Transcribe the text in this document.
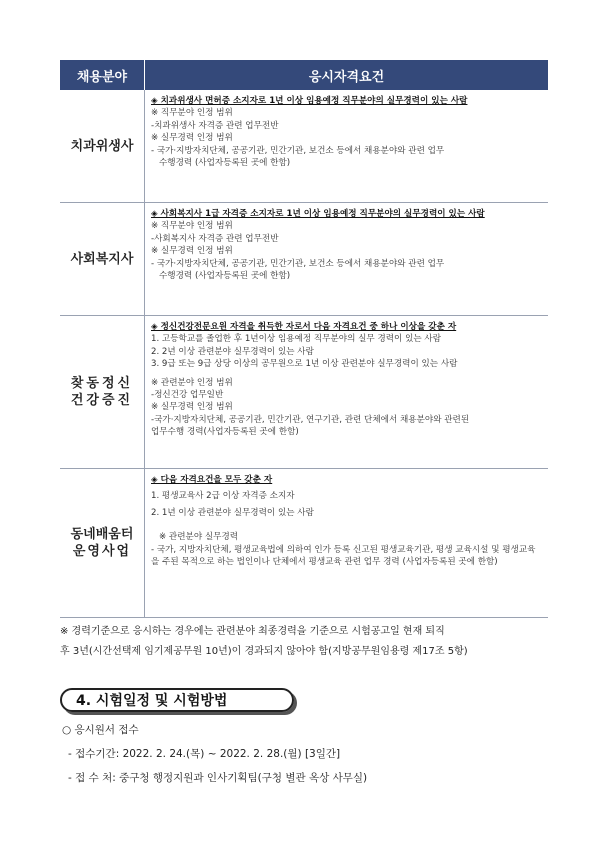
채용분야	응시자격요건
치과위생사
◈ 치과위생사 면허증 소지자로 1년 이상 임용예정 직무분야의 실무경력이 있는 사람
※ 직무분야 인정 범위
-치과위생사 자격증 관련 업무전반
※ 실무경력 인정 범위
- 국가·지방자치단체, 공공기관, 민간기관, 보건소 등에서 채용분야와 관련 업무
수행경력 (사업자등록된 곳에 한함)
사회복지사
◈ 사회복지사 1급 자격증 소지자로 1년 이상 임용예정 직무분야의 실무경력이 있는 사람
※ 직무분야 인정 범위
-사회복지사 자격증 관련 업무전반
※ 실무경력 인정 범위
- 국가·지방자치단체, 공공기관, 민간기관, 보건소 등에서 채용분야와 관련 업무
수행경력 (사업자등록된 곳에 한함)
찾동정신
건강증진
◈ 정신건강전문요원 자격을 취득한 자로서 다음 자격요건 중 하나 이상을 갖춘 자
1. 고등학교를 졸업한 후 1년이상 임용예정 직무분야의 실무 경력이 있는 사람
2. 2년 이상 관련분야 실무경력이 있는 사람
3. 9급 또는 9급 상당 이상의 공무원으로 1년 이상 관련분야 실무경력이 있는 사람
※ 관련분야 인정 범위
-정신건강 업무일반
※ 실무경력 인정 범위
-국가·지방자치단체, 공공기관, 민간기관, 연구기관, 관련 단체에서 채용분야와 관련된
업무수행 경력(사업자등록된 곳에 한함)
동네배움터
운영사업
◈ 다음 자격요건을 모두 갖춘 자
1. 평생교육사 2급 이상 자격증 소지자
2. 1년 이상 관련분야 실무경력이 있는 사람
※ 관련분야 실무경력
- 국가, 지방자치단체, 평생교육법에 의하여 인가 등록 신고된 평생교육기관, 평생 교육시설 및 평생교육을 주된 목적으로 하는 법인이나 단체에서 평생교육 관련 업무 경력 (사업자등록된 곳에 한함)
※ 경력기준으로 응시하는 경우에는 관련분야 최종경력을 기준으로 시험공고일 현재 퇴직
후 3년(시간선택제 임기제공무원 10년)이 경과되지 않아야 함(지방공무원임용령 제17조 5항)
4. 시험일정 및 시험방법
○ 응시원서 접수
- 접수기간: 2022. 2. 24.(목) ~ 2022. 2. 28.(월) [3일간]
- 접 수 처: 중구청 행정지원과 인사기획팀(구청 별관 옥상 사무실)
